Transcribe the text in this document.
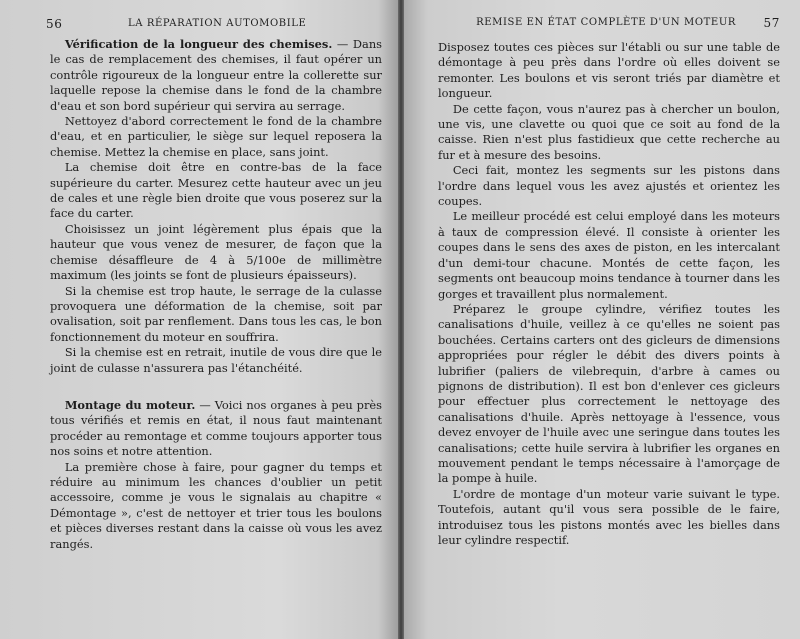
56	LA RÉPARATION AUTOMOBILE

Vérification de la longueur des chemises. — Dans le cas de remplacement des chemises, il faut opérer un contrôle rigoureux de la longueur entre la collerette sur laquelle repose la chemise dans le fond de la chambre d'eau et son bord supérieur qui servira au serrage.

Nettoyez d'abord correctement le fond de la chambre d'eau, et en particulier, le siège sur lequel reposera la chemise. Mettez la chemise en place, sans joint.

La chemise doit être en contre-bas de la face supérieure du carter. Mesurez cette hauteur avec un jeu de cales et une règle bien droite que vous poserez sur la face du carter.

Choisissez un joint légèrement plus épais que la hauteur que vous venez de mesurer, de façon que la chemise désaffleure de 4 à 5/100e de millimètre maximum (les joints se font de plusieurs épaisseurs).

Si la chemise est trop haute, le serrage de la culasse provoquera une déformation de la chemise, soit par ovalisation, soit par renflement. Dans tous les cas, le bon fonctionnement du moteur en souffrira.

Si la chemise est en retrait, inutile de vous dire que le joint de culasse n'assurera pas l'étanchéité.

Montage du moteur. — Voici nos organes à peu près tous vérifiés et remis en état, il nous faut maintenant procéder au remontage et comme toujours apporter tous nos soins et notre attention.

La première chose à faire, pour gagner du temps et réduire au minimum les chances d'oublier un petit accessoire, comme je vous le signalais au chapitre « Démontage », c'est de nettoyer et trier tous les boulons et pièces diverses restant dans la caisse où vous les avez rangés.

REMISE EN ÉTAT COMPLÈTE D'UN MOTEUR 57

Disposez toutes ces pièces sur l'établi ou sur une table de démontage à peu près dans l'ordre où elles doivent se remonter. Les boulons et vis seront triés par diamètre et longueur.

De cette façon, vous n'aurez pas à chercher un boulon, une vis, une clavette ou quoi que ce soit au fond de la caisse. Rien n'est plus fastidieux que cette recherche au fur et à mesure des besoins.

Ceci fait, montez les segments sur les pistons dans l'ordre dans lequel vous les avez ajustés et orientez les coupes.

Le meilleur procédé est celui employé dans les moteurs à taux de compression élevé. Il consiste à orienter les coupes dans le sens des axes de piston, en les intercalant d'un demi-tour chacune. Montés de cette façon, les segments ont beaucoup moins tendance à tourner dans les gorges et travaillent plus normalement.

Préparez le groupe cylindre, vérifiez toutes les canalisations d'huile, veillez à ce qu'elles ne soient pas bouchées. Certains carters ont des gicleurs de dimensions appropriées pour régler le débit des divers points à lubrifier (paliers de vilebrequin, d'arbre à cames ou pignons de distribution). Il est bon d'enlever ces gicleurs pour effectuer plus correctement le nettoyage des canalisations d'huile. Après nettoyage à l'essence, vous devez envoyer de l'huile avec une seringue dans toutes les canalisations; cette huile servira à lubrifier les organes en mouvement pendant le temps nécessaire à l'amorçage de la pompe à huile.

L'ordre de montage d'un moteur varie suivant le type. Toutefois, autant qu'il vous sera possible de le faire, introduisez tous les pistons montés avec les bielles dans leur cylindre respectif.
